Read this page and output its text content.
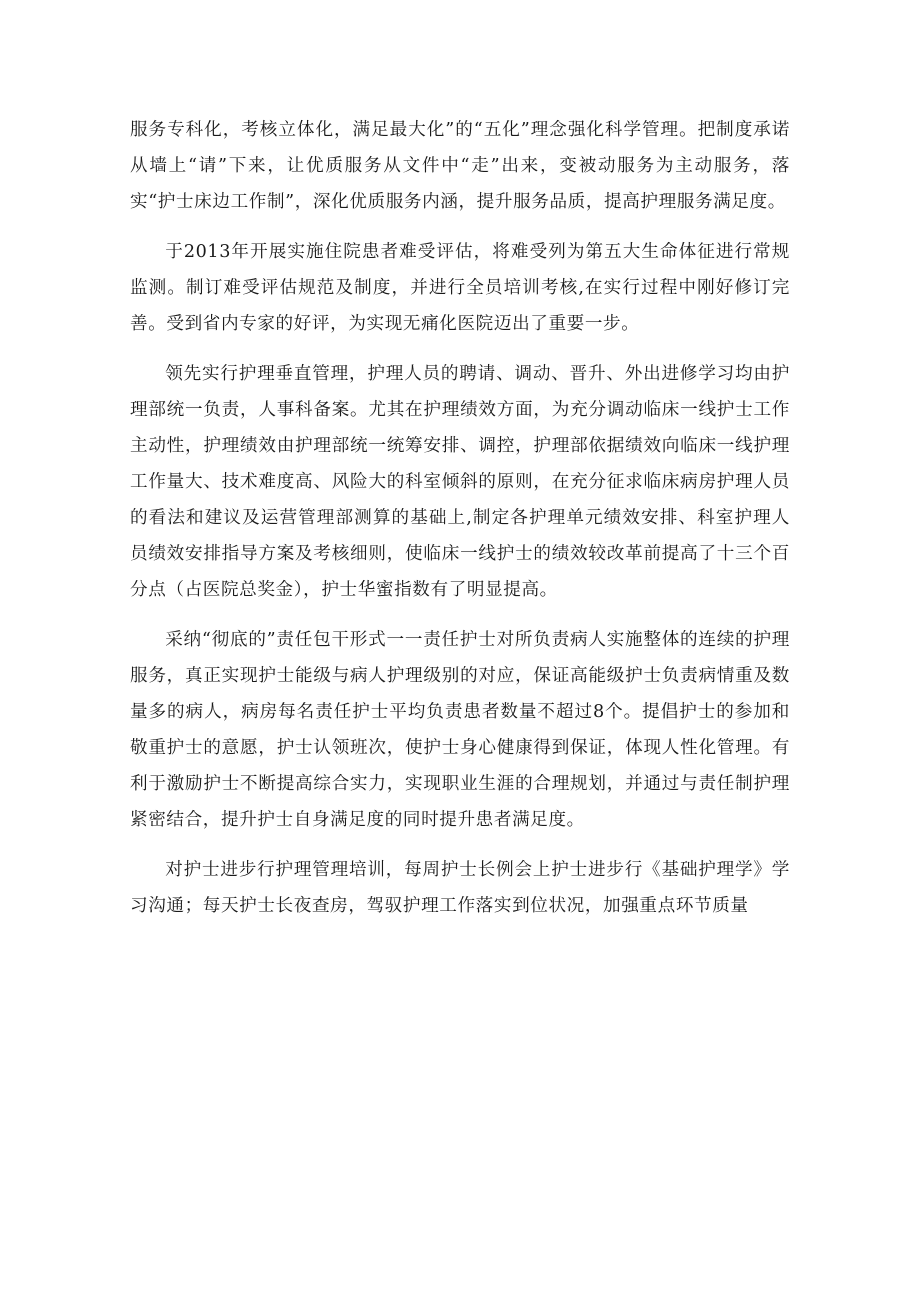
服务专科化，考核立体化，满足最大化”的“五化”理念强化科学管理。把制度承诺从墙上“请”下来，让优质服务从文件中“走”出来，变被动服务为主动服务，落实“护士床边工作制”，深化优质服务内涵，提升服务品质，提高护理服务满足度。

于2013年开展实施住院患者难受评估，将难受列为第五大生命体征进行常规监测。制订难受评估规范及制度，并进行全员培训考核,在实行过程中刚好修订完善。受到省内专家的好评，为实现无痛化医院迈出了重要一步。

领先实行护理垂直管理，护理人员的聘请、调动、晋升、外出进修学习均由护理部统一负责，人事科备案。尤其在护理绩效方面，为充分调动临床一线护士工作主动性，护理绩效由护理部统一统筹安排、调控，护理部依据绩效向临床一线护理工作量大、技术难度高、风险大的科室倾斜的原则，在充分征求临床病房护理人员的看法和建议及运营管理部测算的基础上,制定各护理单元绩效安排、科室护理人员绩效安排指导方案及考核细则，使临床一线护士的绩效较改革前提高了十三个百分点（占医院总奖金），护士华蜜指数有了明显提高。

采纳“彻底的”责任包干形式一一责任护士对所负责病人实施整体的连续的护理服务，真正实现护士能级与病人护理级别的对应，保证高能级护士负责病情重及数量多的病人，病房每名责任护士平均负责患者数量不超过8个。提倡护士的参加和敬重护士的意愿，护士认领班次，使护士身心健康得到保证，体现人性化管理。有利于激励护士不断提高综合实力，实现职业生涯的合理规划，并通过与责任制护理紧密结合，提升护士自身满足度的同时提升患者满足度。

对护士进步行护理管理培训，每周护士长例会上护士进步行《基础护理学》学习沟通；每天护士长夜查房，驾驭护理工作落实到位状况，加强重点环节质量
